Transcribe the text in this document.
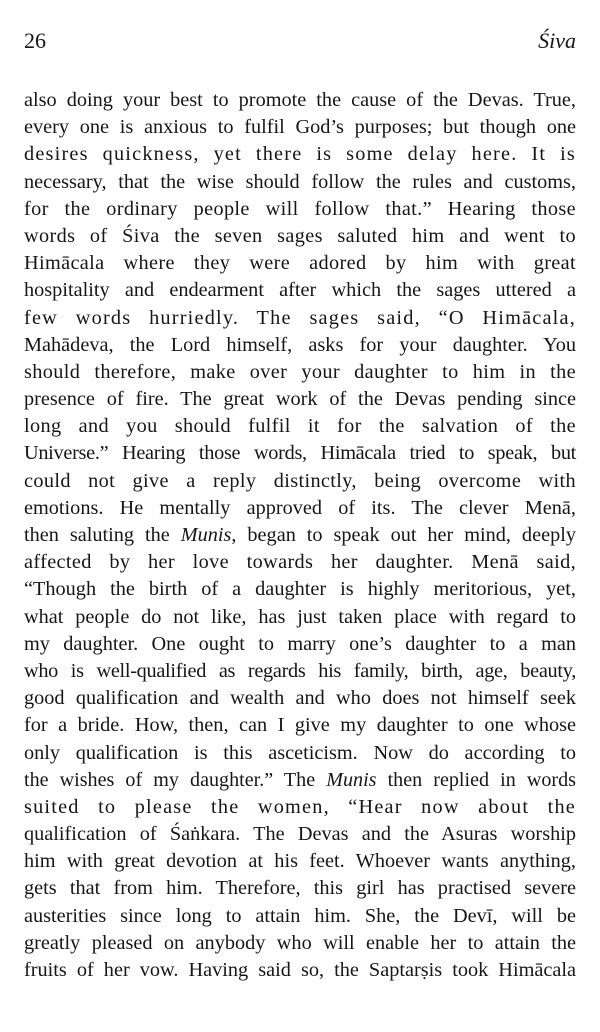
26	Śiva
also doing your best to promote the cause of the Devas. True,
every one is anxious to fulfil God’s purposes; but though one
desires quickness, yet there is some delay here. It is
necessary, that the wise should follow the rules and customs,
for the ordinary people will follow that.” Hearing those
words of Śiva the seven sages saluted him and went to
Himācala where they were adored by him with great
hospitality and endearment after which the sages uttered a
few words hurriedly. The sages said, “O Himācala,
Mahādeva, the Lord himself, asks for your daughter. You
should therefore, make over your daughter to him in the
presence of fire. The great work of the Devas pending since
long and you should fulfil it for the salvation of the
Universe.” Hearing those words, Himācala tried to speak, but
could not give a reply distinctly, being overcome with
emotions. He mentally approved of its. The clever Menā,
then saluting the Munis, began to speak out her mind, deeply
affected by her love towards her daughter. Menā said,
“Though the birth of a daughter is highly meritorious, yet,
what people do not like, has just taken place with regard to
my daughter. One ought to marry one’s daughter to a man
who is well-qualified as regards his family, birth, age, beauty,
good qualification and wealth and who does not himself seek
for a bride. How, then, can I give my daughter to one whose
only qualification is this asceticism. Now do according to
the wishes of my daughter.” The Munis then replied in words
suited to please the women, “Hear now about the
qualification of Śaṅkara. The Devas and the Asuras worship
him with great devotion at his feet. Whoever wants anything,
gets that from him. Therefore, this girl has practised severe
austerities since long to attain him. She, the Devī, will be
greatly pleased on anybody who will enable her to attain the
fruits of her vow. Having said so, the Saptarṣis took Himācala
